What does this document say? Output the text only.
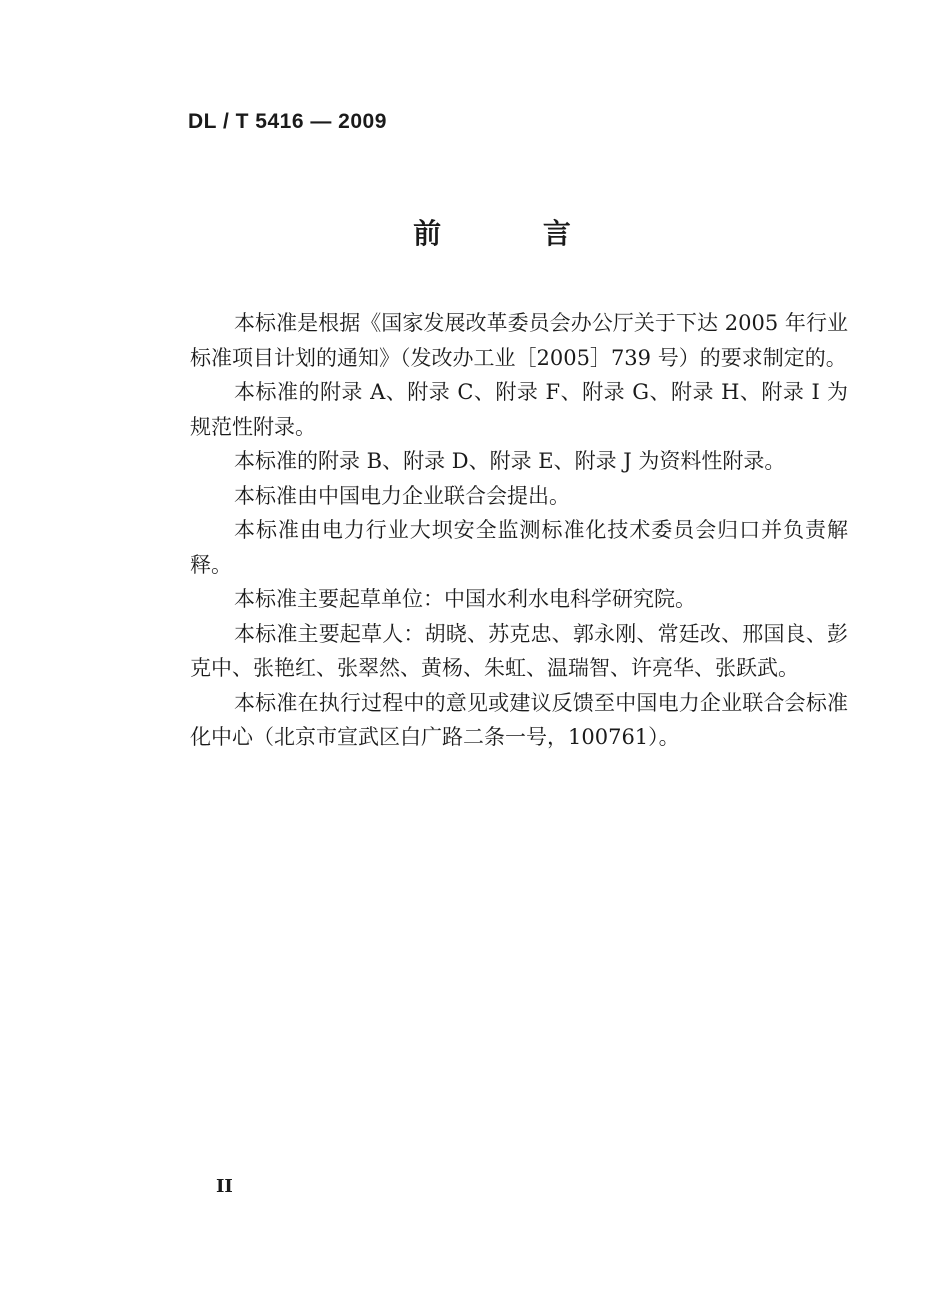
DL / T 5416 — 2009
前 言

本标准是根据《国家发展改革委员会办公厅关于下达 2005 年行业标准项目计划的通知》（发改办工业［2005］739 号）的要求制定的。

本标准的附录 A、附录 C、附录 F、附录 G、附录 H、附录 I 为规范性附录。

本标准的附录 B、附录 D、附录 E、附录 J 为资料性附录。

本标准由中国电力企业联合会提出。

本标准由电力行业大坝安全监测标准化技术委员会归口并负责解释。

本标准主要起草单位：中国水利水电科学研究院。

本标准主要起草人：胡晓、苏克忠、郭永刚、常廷改、邢国良、彭克中、张艳红、张翠然、黄杨、朱虹、温瑞智、许亮华、张跃武。

本标准在执行过程中的意见或建议反馈至中国电力企业联合会标准化中心（北京市宣武区白广路二条一号，100761）。

II
